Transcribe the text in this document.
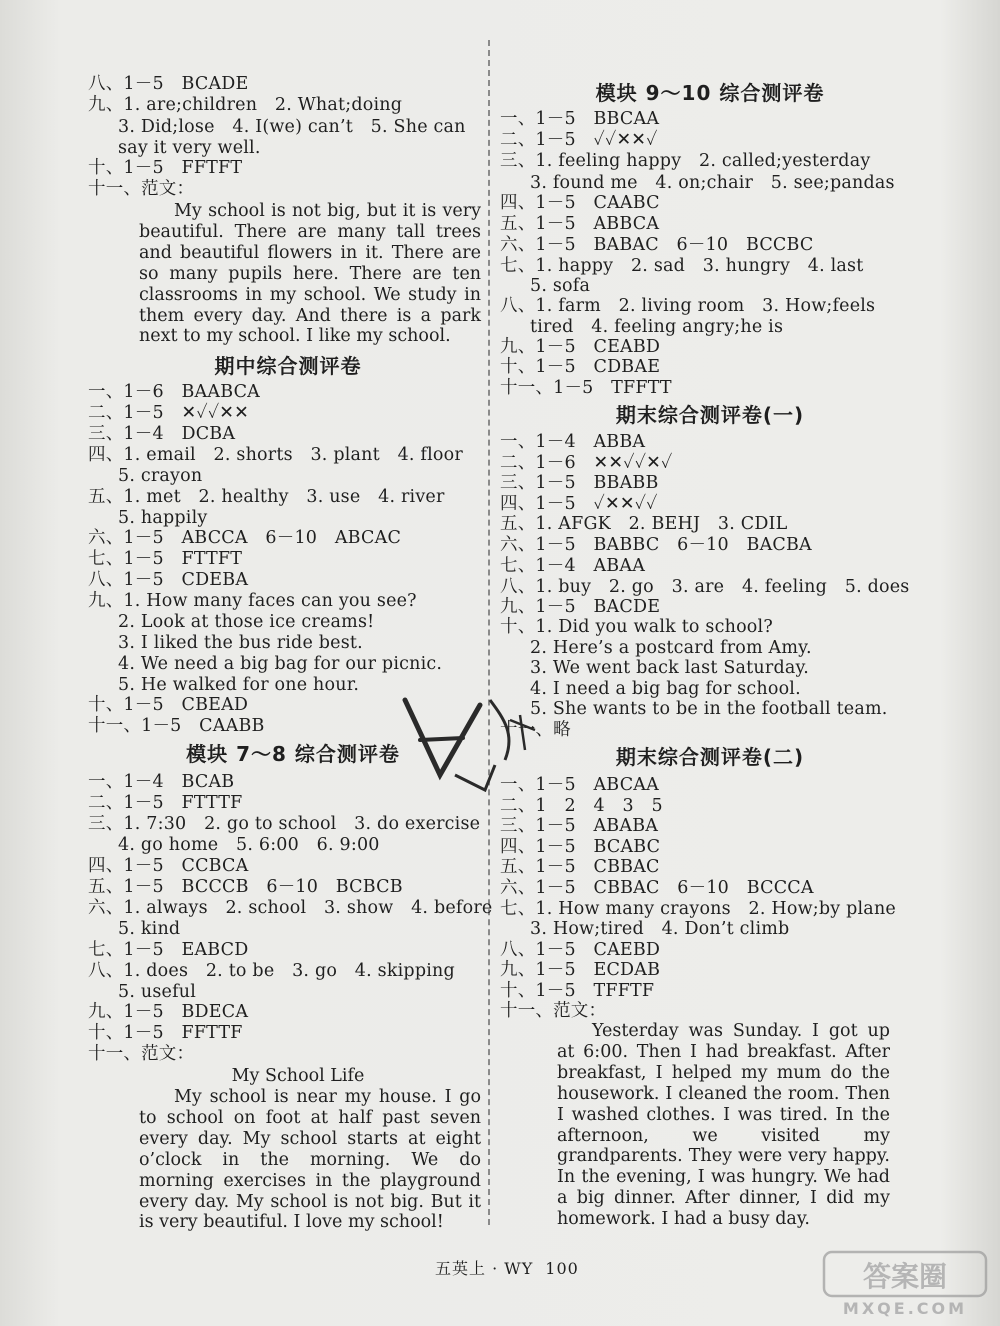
八、1－5　BCADE
九、1. are;children　2. What;doing
3. Did;lose　4. I(we) can’t　5. She can
say it very well.
十、1－5　FFTFT
十一、范文：
My school is not big, but it is very beautiful. There are many tall trees and beautiful flowers in it. There are so many pupils here. There are ten classrooms in my school. We study in them every day. And there is a park next to my school. I like my school.
期中综合测评卷
一、1－6　BAABCA
二、1－5　✕✓✓✕✕
三、1－4　DCBA
四、1. email　2. shorts　3. plant　4. floor
5. crayon
五、1. met　2. healthy　3. use　4. river
5. happily
六、1－5　ABCCA　6－10　ABCAC
七、1－5　FTTFT
八、1－5　CDEBA
九、1. How many faces can you see?
2. Look at those ice creams!
3. I liked the bus ride best.
4. We need a big bag for our picnic.
5. He walked for one hour.
十、1－5　CBEAD
十一、1－5　CAABB
模块 7～8 综合测评卷
一、1－4　BCAB
二、1－5　FTTTF
三、1. 7:30　2. go to school　3. do exercise
4. go home　5. 6:00　6. 9:00
四、1－5　CCBCA
五、1－5　BCCCB　6－10　BCBCB
六、1. always　2. school　3. show　4. before
5. kind
七、1－5　EABCD
八、1. does　2. to be　3. go　4. skipping
5. useful
九、1－5　BDECA
十、1－5　FFTTF
十一、范文：
My School Life
My school is near my house. I go to school on foot at half past seven every day. My school starts at eight o’clock in the morning. We do morning exercises in the playground every day. My school is not big. But it is very beautiful. I love my school!
模块 9～10 综合测评卷
一、1－5　BBCAA
二、1－5　✓✓✕✕✓
三、1. feeling happy　2. called;yesterday
3. found me　4. on;chair　5. see;pandas
四、1－5　CAABC
五、1－5　ABBCA
六、1－5　BABAC　6－10　BCCBC
七、1. happy　2. sad　3. hungry　4. last
5. sofa
八、1. farm　2. living room　3. How;feels
tired　4. feeling angry;he is
九、1－5　CEABD
十、1－5　CDBAE
十一、1－5　TFFTT
期末综合测评卷(一)
一、1－4　ABBA
二、1－6　✕✕✓✓✕✓
三、1－5　BBABB
四、1－5　✓✕✕✓✓
五、1. AFGK　2. BEHJ　3. CDIL
六、1－5　BABBC　6－10　BACBA
七、1－4　ABAA
八、1. buy　2. go　3. are　4. feeling　5. does
九、1－5　BACDE
十、1. Did you walk to school?
2. Here’s a postcard from Amy.
3. We went back last Saturday.
4. I need a big bag for school.
5. She wants to be in the football team.
十一、略
期末综合测评卷(二)
一、1－5　ABCAA
二、1　2　4　3　5
三、1－5　ABABA
四、1－5　BCABC
五、1－5　CBBAC
六、1－5　CBBAC　6－10　BCCCA
七、1. How many crayons　2. How;by plane
3. How;tired　4. Don’t climb
八、1－5　CAEBD
九、1－5　ECDAB
十、1－5　TFFTF
十一、范文：
Yesterday was Sunday. I got up at 6:00. Then I had breakfast. After breakfast, I helped my mum do the housework. I cleaned the room. Then I washed clothes. I was tired. In the afternoon, we visited my grandparents. They were very happy. In the evening, I was hungry. We had a big dinner. After dinner, I did my homework. I had a busy day.
五英上 · WY 100	答案圈
MXQE.COM
